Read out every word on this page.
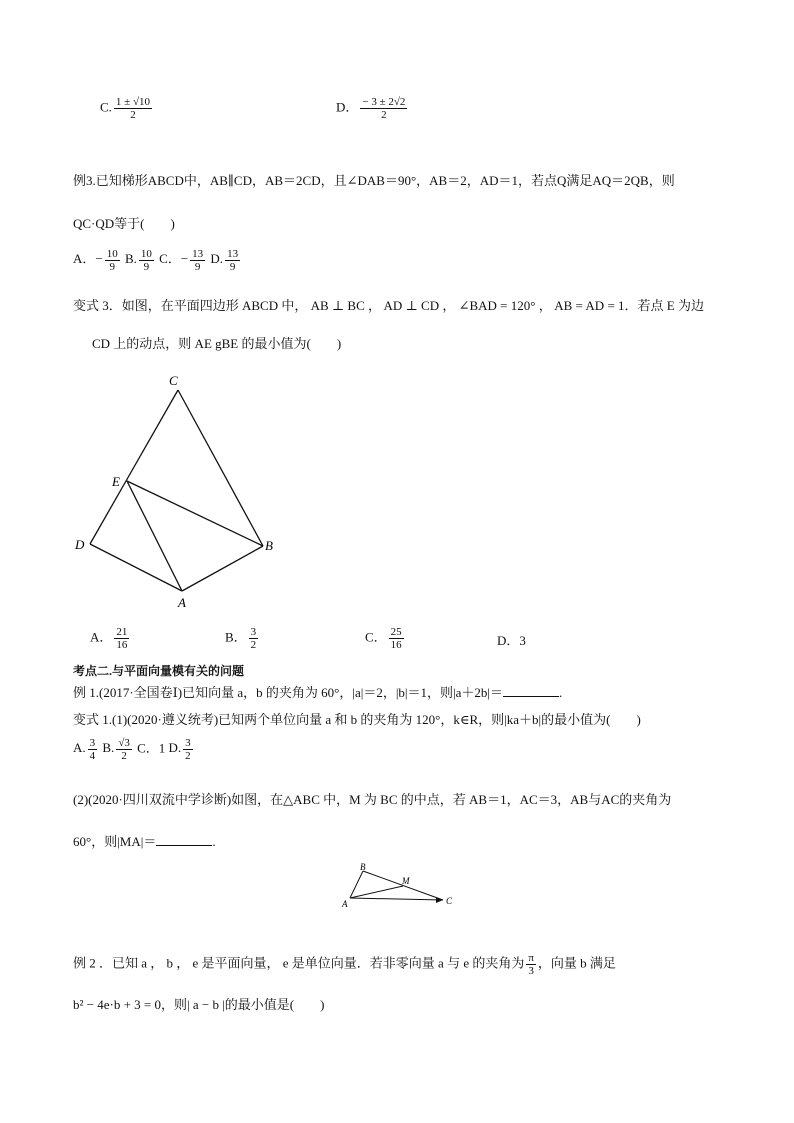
C. $\frac{1 \pm √10}{2}$	D． $\frac{- 3 \pm 2√2}{2}$
例3.已知梯形ABCD中，AB∥CD，AB＝2CD，且∠DAB＝90°，AB＝2，AD＝1，若点Q满足AQ＝2QB，则
QC·QD等于(　　)
A．− $\frac{10}{9} B$. $\frac{10}{9}$ C．− $\frac{13}{9} D$. $\frac{13}{9}$
变式 3．如图，在平面四边形 ABCD 中， AB ⊥ BC ， AD ⊥ CD ， ∠BAD = 120° ， AB = AD = 1．若点 E 为边
CD 上的动点，则 AE gBE 的最小值为(　　)
C
E
D	B
A
A． $\frac{21}{16}$	B． $\frac{3}{2}$	C． $\frac{25}{16}$	D．3
考点二.与平面向量模有关的问题
例 1.(2017·全国卷Ⅰ)已知向量 a，b 的夹角为 60°，|a|＝2，|b|＝1，则|a＋2b|＝	.
变式 1.(1)(2020·遵义统考)已知两个单位向量 a 和 b 的夹角为 120°，k∈R，则|ka＋b|的最小值为(　　)
A. $\frac{3}{4} B$. $\frac{√3}{2}$ C．1 D. $\frac{3}{2}$
(2)(2020·四川双流中学诊断)如图，在△ABC 中，M 为 BC 的中点，若 AB＝1，AC＝3，AB与AC的夹角为
60°，则|MA|＝	.
B
M
A	C
例 2 ．已知 a ， b ， e 是平面向量， e 是单位向量．若非零向量 a 与 e 的夹角为 $\frac{\pi}{3}$ ，向量 b 满足
b² − 4e·b + 3 = 0，则| a − b |的最小值是(　　)
